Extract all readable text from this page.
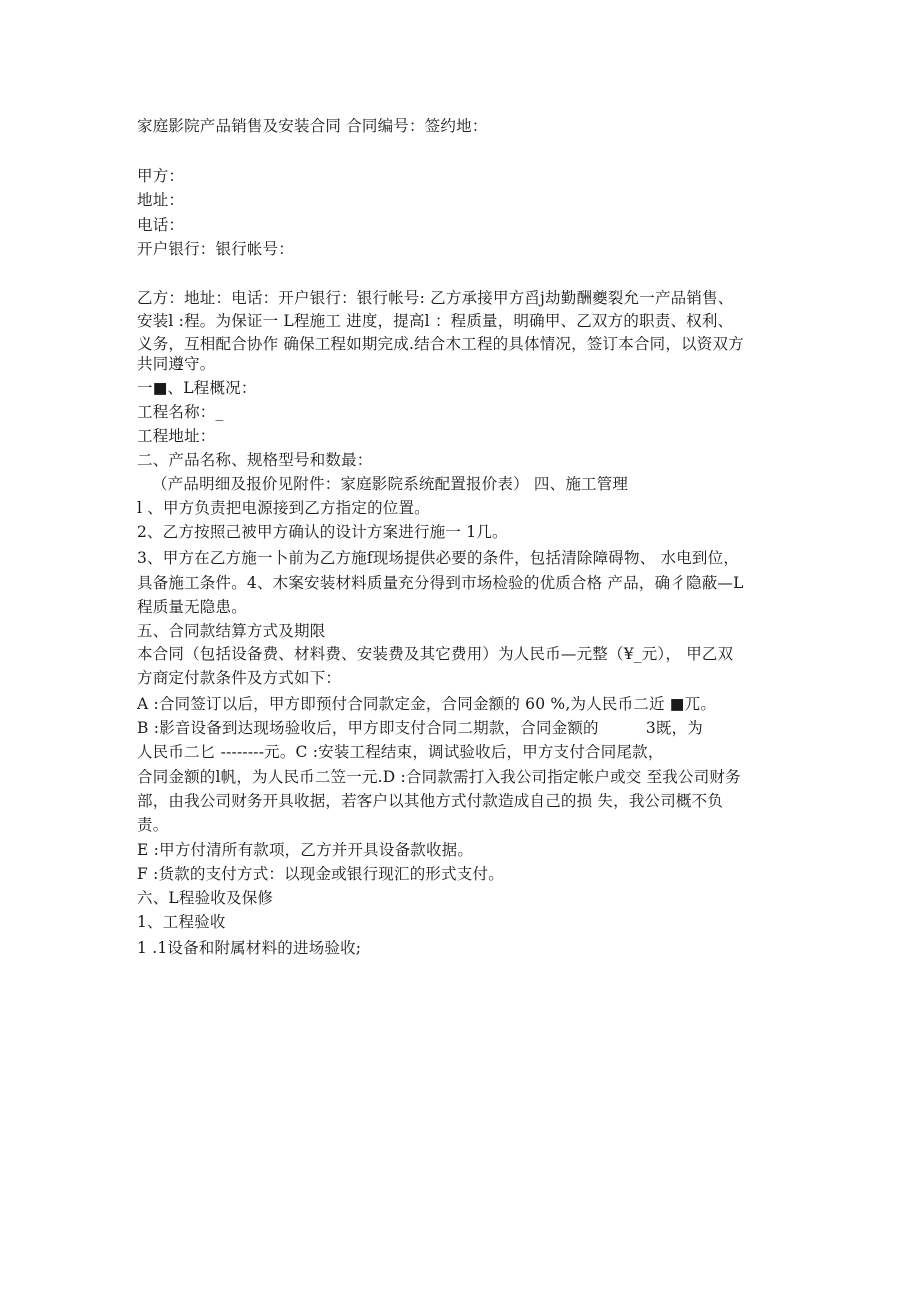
家庭影院产品销售及安装合同 合同编号：签约地：

甲方：

地址：

电话：

开户银行：银行帐号：

乙方：地址：电话：开户银行：银行帐号: 乙方承接甲方舀j劫勤酬夔裂允一产品销售、

安装l :程。为保证一 L程施工 进度，提高l ：程质量，明确甲、乙双方的职责、权利、

义务，互相配合协作 确保工程如期完成.结合木工程的具体情况，签订本合同，以资双方

共同遵守。

一■、L程概况：

工程名称：_

工程地址：

二、产品名称、规格型号和数最：

（产品明细及报价见附件：家庭影院系统配置报价表） 四、施工管理

l 、甲方负责把电源接到乙方指定的位置。

2、乙方按照己被甲方确认的设计方案进行施一 1几。

3、甲方在乙方施一卜前为乙方施f现场提供必要的条件，包括清除障碍物、 水电到位，

具备施工条件。4、木案安装材料质量充分得到市场检验的优质合格 产品，确彳隐蔽—L

程质量无隐患。

五、合同款结算方式及期限

本合同（包括设备费、材料费、安装费及其它费用）为人民币—元整（¥_元）， 甲乙双

方商定付款条件及方式如下：

A :合同签订以后，甲方即预付合同款定金，合同金额的 60 %,为人民币二近 ■兀。

B :影音设备到达现场验收后，甲方即支付合同二期款，合同金额的　　　3既，为

人民币二匕 --------元。C :安装工程结束，调试验收后，甲方支付合同尾款，

合同金额的l帆，为人民币二笠一元.D :合同款需打入我公司指定帐户或交 至我公司财务

部，由我公司财务开具收据，若客户以其他方式付款造成自己的损 失，我公司概不负

责。

E :甲方付清所有款项，乙方并开具设备款收据。

F :货款的支付方式：以现金或银行现汇的形式支付。

六、L程验收及保修

1、工程验收

1 .1设备和附属材料的进场验收;
